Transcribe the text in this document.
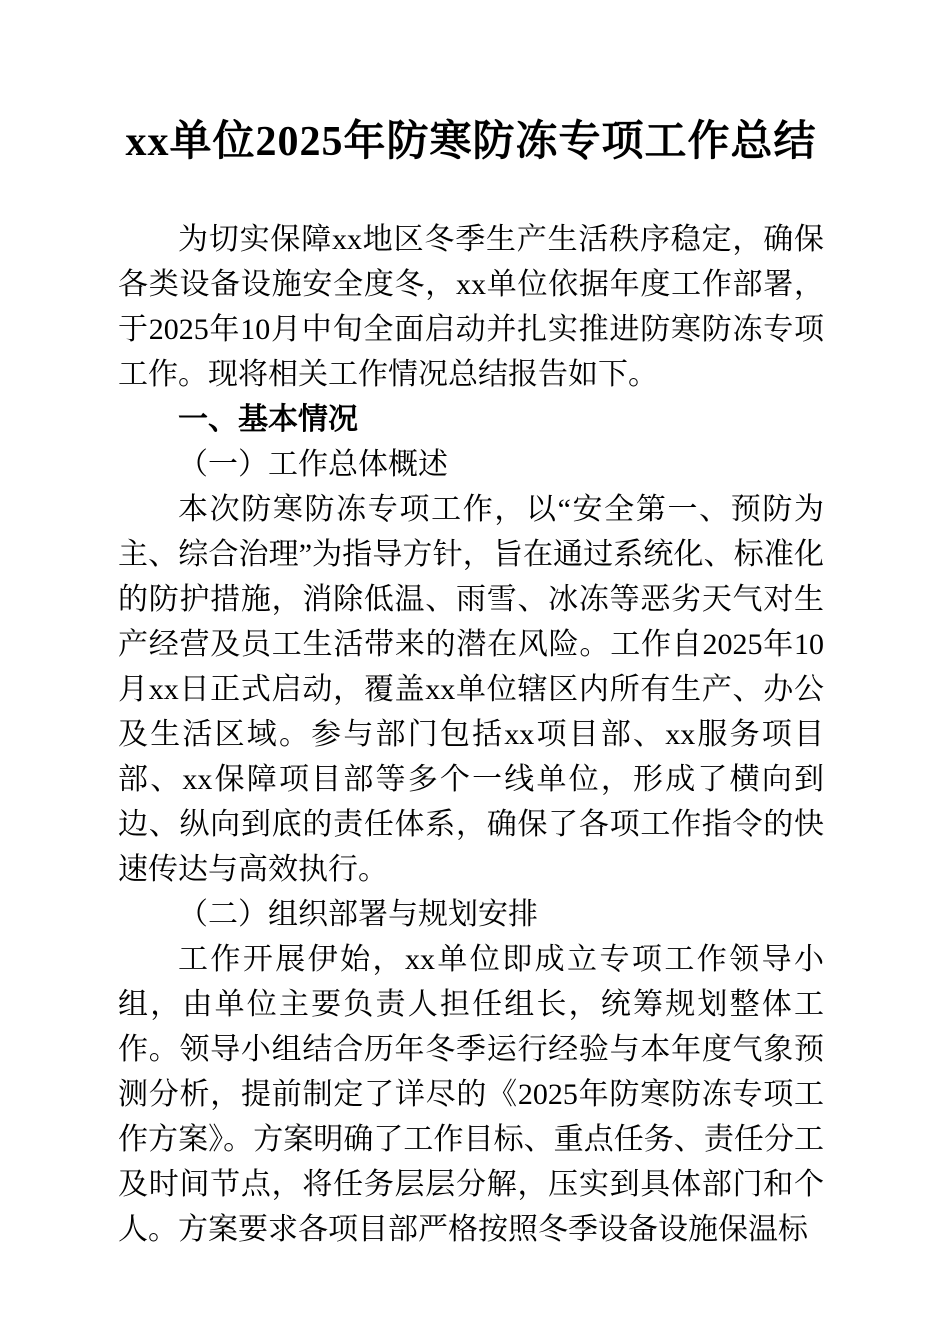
xx单位2025年防寒防冻专项工作总结

为切实保障xx地区冬季生产生活秩序稳定，确保各类设备设施安全度冬，xx单位依据年度工作部署，于2025年10月中旬全面启动并扎实推进防寒防冻专项工作。现将相关工作情况总结报告如下。

一、基本情况
（一）工作总体概述

本次防寒防冻专项工作，以“安全第一、预防为主、综合治理”为指导方针，旨在通过系统化、标准化的防护措施，消除低温、雨雪、冰冻等恶劣天气对生产经营及员工生活带来的潜在风险。工作自2025年10月xx日正式启动，覆盖xx单位辖区内所有生产、办公及生活区域。参与部门包括xx项目部、xx服务项目部、xx保障项目部等多个一线单位，形成了横向到边、纵向到底的责任体系，确保了各项工作指令的快速传达与高效执行。

（二）组织部署与规划安排

工作开展伊始，xx单位即成立专项工作领导小组，由单位主要负责人担任组长，统筹规划整体工作。领导小组结合历年冬季运行经验与本年度气象预测分析，提前制定了详尽的《2025年防寒防冻专项工作方案》。方案明确了工作目标、重点任务、责任分工及时间节点，将任务层层分解，压实到具体部门和个人。方案要求各项目部严格按照冬季设备设施保温标
